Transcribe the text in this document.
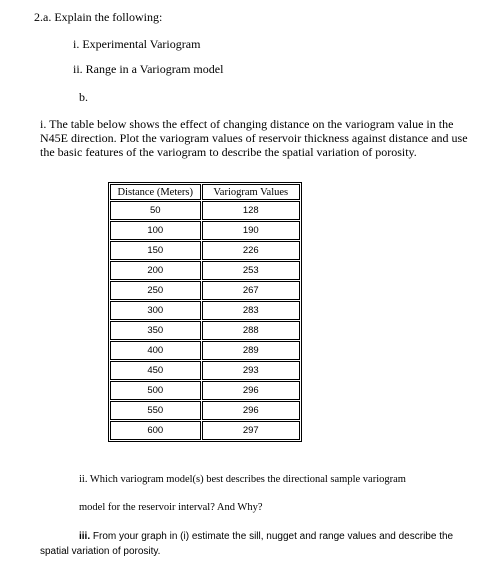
2.a. Explain the following:
i. Experimental Variogram
ii. Range in a Variogram model
b.
i. The table below shows the effect of changing distance on the variogram value in the N45E direction. Plot the variogram values of reservoir thickness against distance and use the basic features of the variogram to describe the spatial variation of porosity.
Distance (Meters)	Variogram Values
50	128
100	190
150	226
200	253
250	267
300	283
350	288
400	289
450	293
500	296
550	296
600	297
ii. Which variogram model(s) best describes the directional sample variogram
model for the reservoir interval? And Why?
iii. From your graph in (i) estimate the sill, nugget and range values and describe the
spatial variation of porosity.
